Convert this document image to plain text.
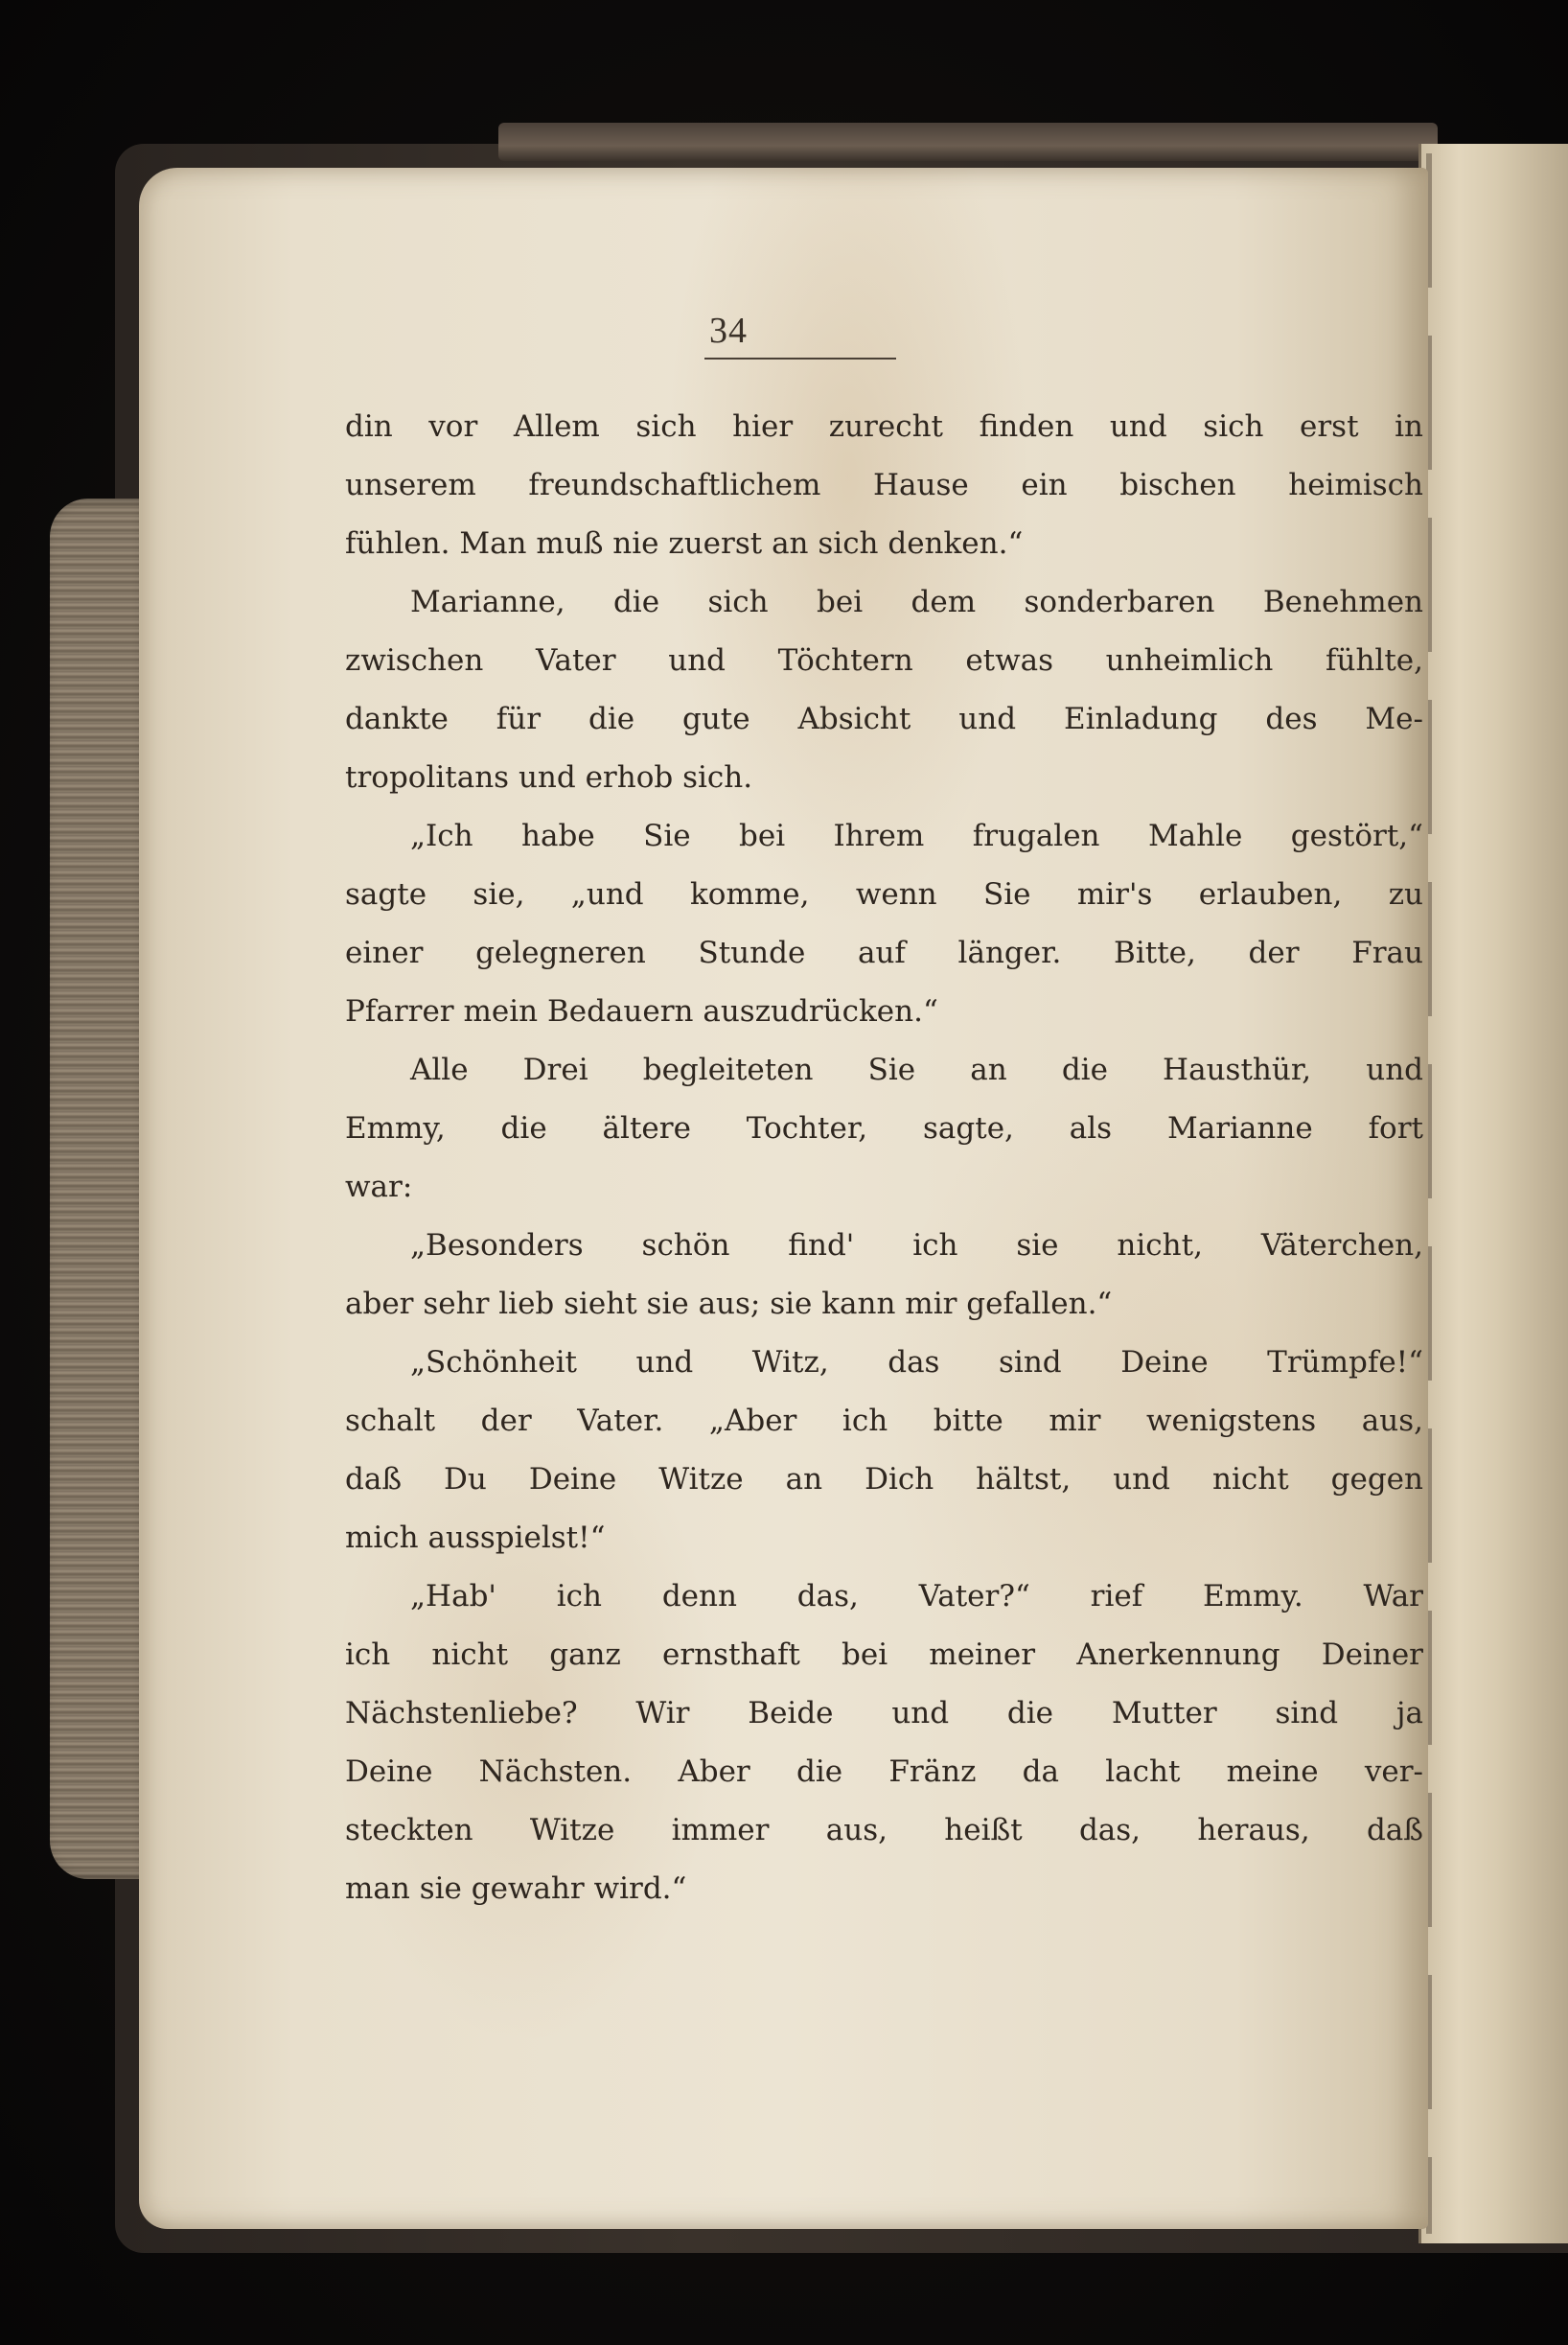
34
din vor Allem sich hier zurecht finden und sich erst in
unserem freundschaftlichem Hause ein bischen heimisch
fühlen. Man muß nie zuerst an sich denken.“
Marianne, die sich bei dem sonderbaren Benehmen
zwischen Vater und Töchtern etwas unheimlich fühlte,
dankte für die gute Absicht und Einladung des Me-
tropolitans und erhob sich.
„Ich habe Sie bei Ihrem frugalen Mahle gestört,“
sagte sie, „und komme, wenn Sie mir's erlauben, zu
einer gelegneren Stunde auf länger. Bitte, der Frau
Pfarrer mein Bedauern auszudrücken.“
Alle Drei begleiteten Sie an die Hausthür, und
Emmy, die ältere Tochter, sagte, als Marianne fort
war:
„Besonders schön find' ich sie nicht, Väterchen,
aber sehr lieb sieht sie aus; sie kann mir gefallen.“
„Schönheit und Witz, das sind Deine Trümpfe!“
schalt der Vater. „Aber ich bitte mir wenigstens aus,
daß Du Deine Witze an Dich hältst, und nicht gegen
mich ausspielst!“
„Hab' ich denn das, Vater?“ rief Emmy. War
ich nicht ganz ernsthaft bei meiner Anerkennung Deiner
Nächstenliebe? Wir Beide und die Mutter sind ja
Deine Nächsten. Aber die Fränz da lacht meine ver-
steckten Witze immer aus, heißt das, heraus, daß
man sie gewahr wird.“
